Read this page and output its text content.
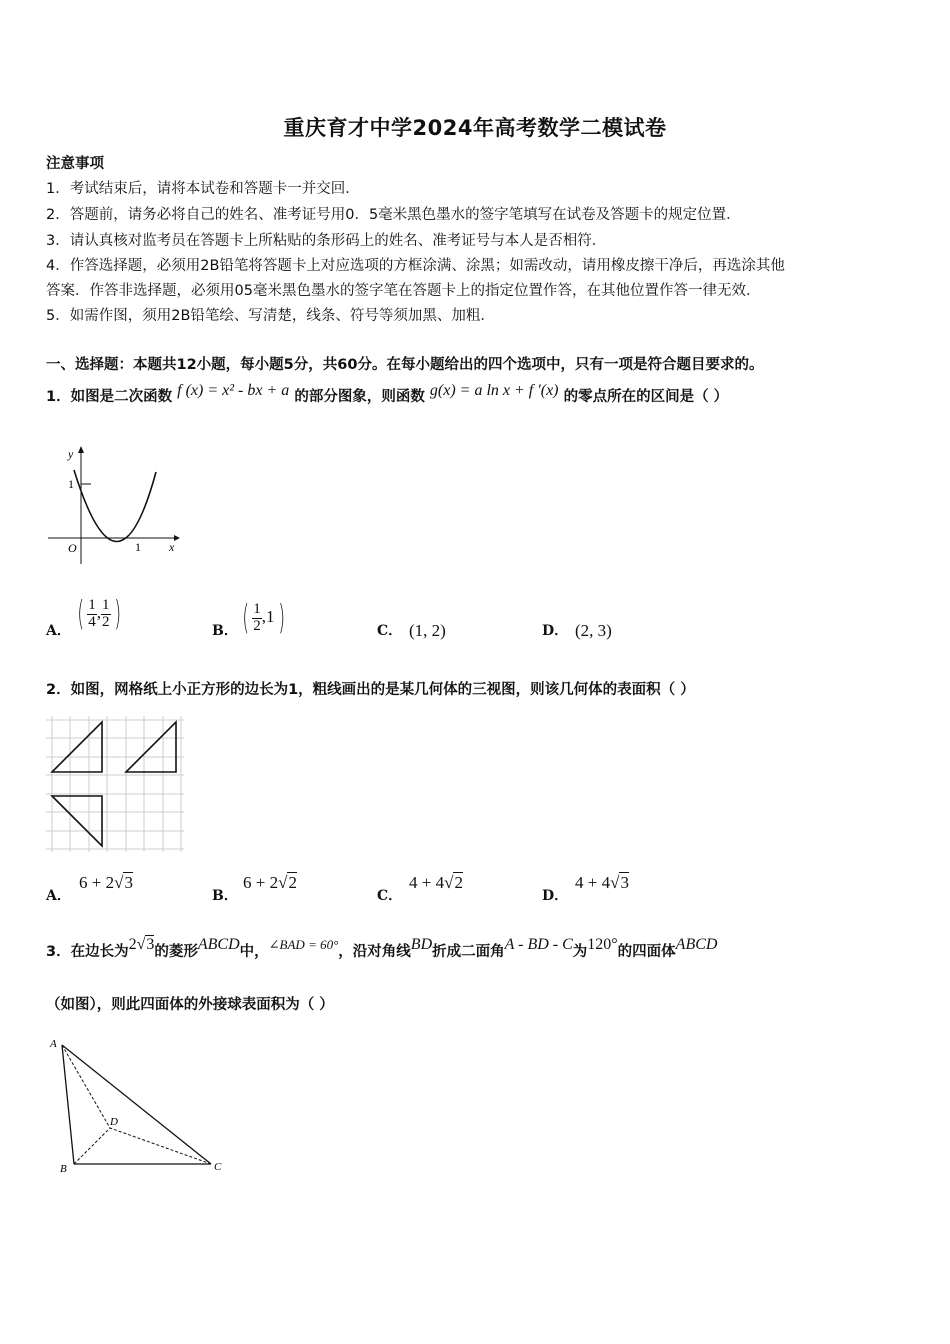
重庆育才中学2024年高考数学二模试卷
注意事项
1．考试结束后，请将本试卷和答题卡一并交回．
2．答题前，请务必将自己的姓名、准考证号用0．5毫米黑色墨水的签字笔填写在试卷及答题卡的规定位置．
3．请认真核对监考员在答题卡上所粘贴的条形码上的姓名、准考证号与本人是否相符．
4．作答选择题，必须用2B铅笔将答题卡上对应选项的方框涂满、涂黑；如需改动，请用橡皮擦干净后，再选涂其他
答案．作答非选择题，必须用05毫米黑色墨水的签字笔在答题卡上的指定位置作答，在其他位置作答一律无效．
5．如需作图，须用2B铅笔绘、写清楚，线条、符号等须加黑、加粗．
一、选择题：本题共12小题，每小题5分，共60分。在每小题给出的四个选项中，只有一项是符合题目要求的。
1．如图是二次函数 f (x) = x² - bx + a 的部分图象，则函数 g(x) = a ln x + f ′(x) 的零点所在的区间是（ ）
y
x
O	1
1
A． ( $\frac{1}{4}$ , $\frac{1}{2}$ )	B． ( $\frac{1}{2} ,1$)	C． (1, 2)	D． (2, 3)
2．如图，网格纸上小正方形的边长为1，粗线画出的是某几何体的三视图，则该几何体的表面积（ ）
A．
6 + 2√3
B．
6 + 2√2
C．
4 + 4√2
D．
4 + 4√3
3．在边长为2√3的菱形ABCD中，∠BAD = 60°，沿对角线BD折成二面角A - BD - C为120°的四面体ABCD
（如图），则此四面体的外接球表面积为（ ）
A
B	C
D
